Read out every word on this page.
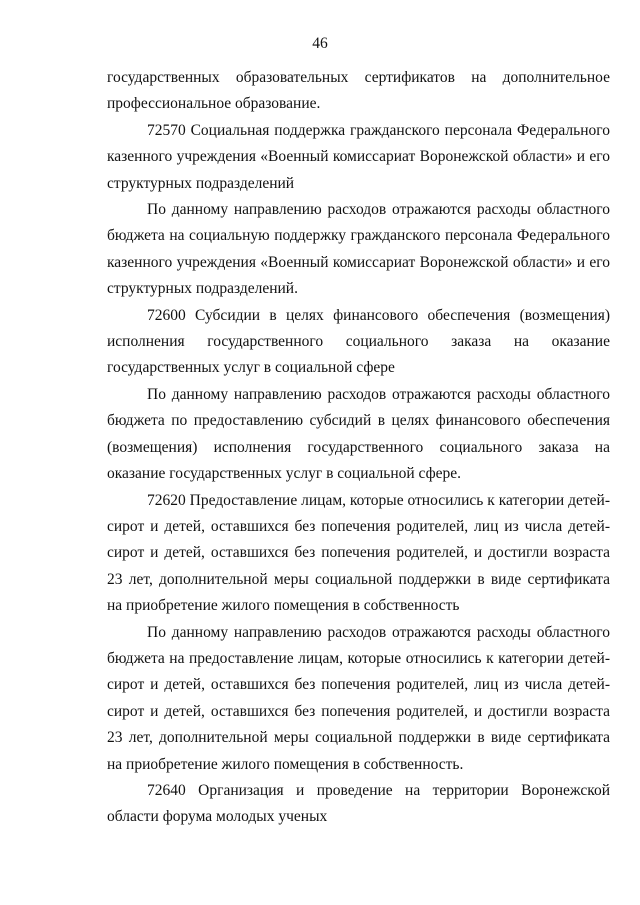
46

государственных образовательных сертификатов на дополнительное профессиональное образование.

72570 Социальная поддержка гражданского персонала Федерального казенного учреждения «Военный комиссариат Воронежской области» и его структурных подразделений

По данному направлению расходов отражаются расходы областного бюджета на социальную поддержку гражданского персонала Федерального казенного учреждения «Военный комиссариат Воронежской области» и его структурных подразделений.

72600 Субсидии в целях финансового обеспечения (возмещения) исполнения государственного социального заказа на оказание государственных услуг в социальной сфере

По данному направлению расходов отражаются расходы областного бюджета по предоставлению субсидий в целях финансового обеспечения (возмещения) исполнения государственного социального заказа на оказание государственных услуг в социальной сфере.

72620 Предоставление лицам, которые относились к категории детей-сирот и детей, оставшихся без попечения родителей, лиц из числа детей-сирот и детей, оставшихся без попечения родителей, и достигли возраста 23 лет, дополнительной меры социальной поддержки в виде сертификата на приобретение жилого помещения в собственность

По данному направлению расходов отражаются расходы областного бюджета на предоставление лицам, которые относились к категории детей-сирот и детей, оставшихся без попечения родителей, лиц из числа детей-сирот и детей, оставшихся без попечения родителей, и достигли возраста 23 лет, дополнительной меры социальной поддержки в виде сертификата на приобретение жилого помещения в собственность.

72640 Организация и проведение на территории Воронежской области форума молодых ученых
